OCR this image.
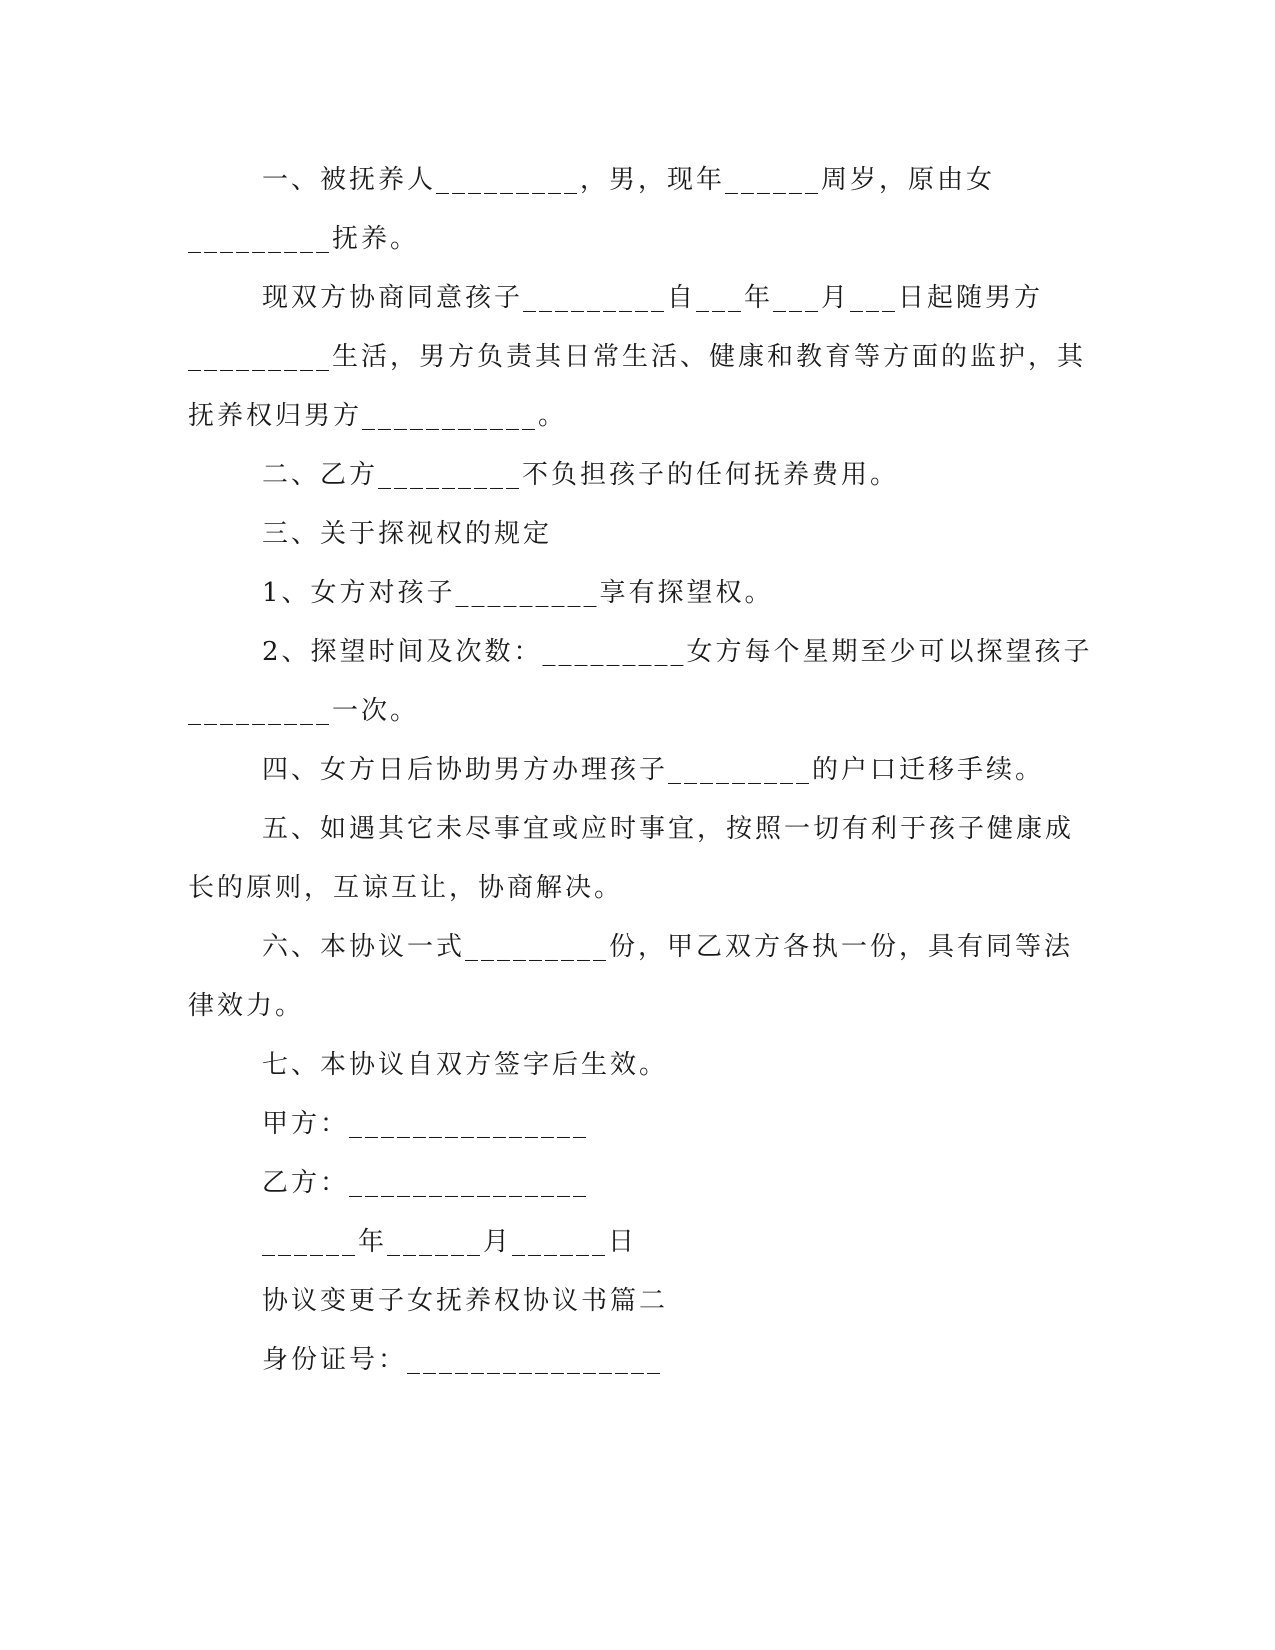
一、被抚养人_________，男，现年______周岁，原由女
_________抚养。
现双方协商同意孩子_________自___年___月___日起随男方
_________生活，男方负责其日常生活、健康和教育等方面的监护，其
抚养权归男方___________。
二、乙方_________不负担孩子的任何抚养费用。
三、关于探视权的规定
1、女方对孩子_________享有探望权。
2、探望时间及次数：_________女方每个星期至少可以探望孩子
_________一次。
四、女方日后协助男方办理孩子_________的户口迁移手续。
五、如遇其它未尽事宜或应时事宜，按照一切有利于孩子健康成
长的原则，互谅互让，协商解决。
六、本协议一式_________份，甲乙双方各执一份，具有同等法
律效力。
七、本协议自双方签字后生效。
甲方：_______________
乙方：_______________
______年______月______日
协议变更子女抚养权协议书篇二
身份证号：________________
